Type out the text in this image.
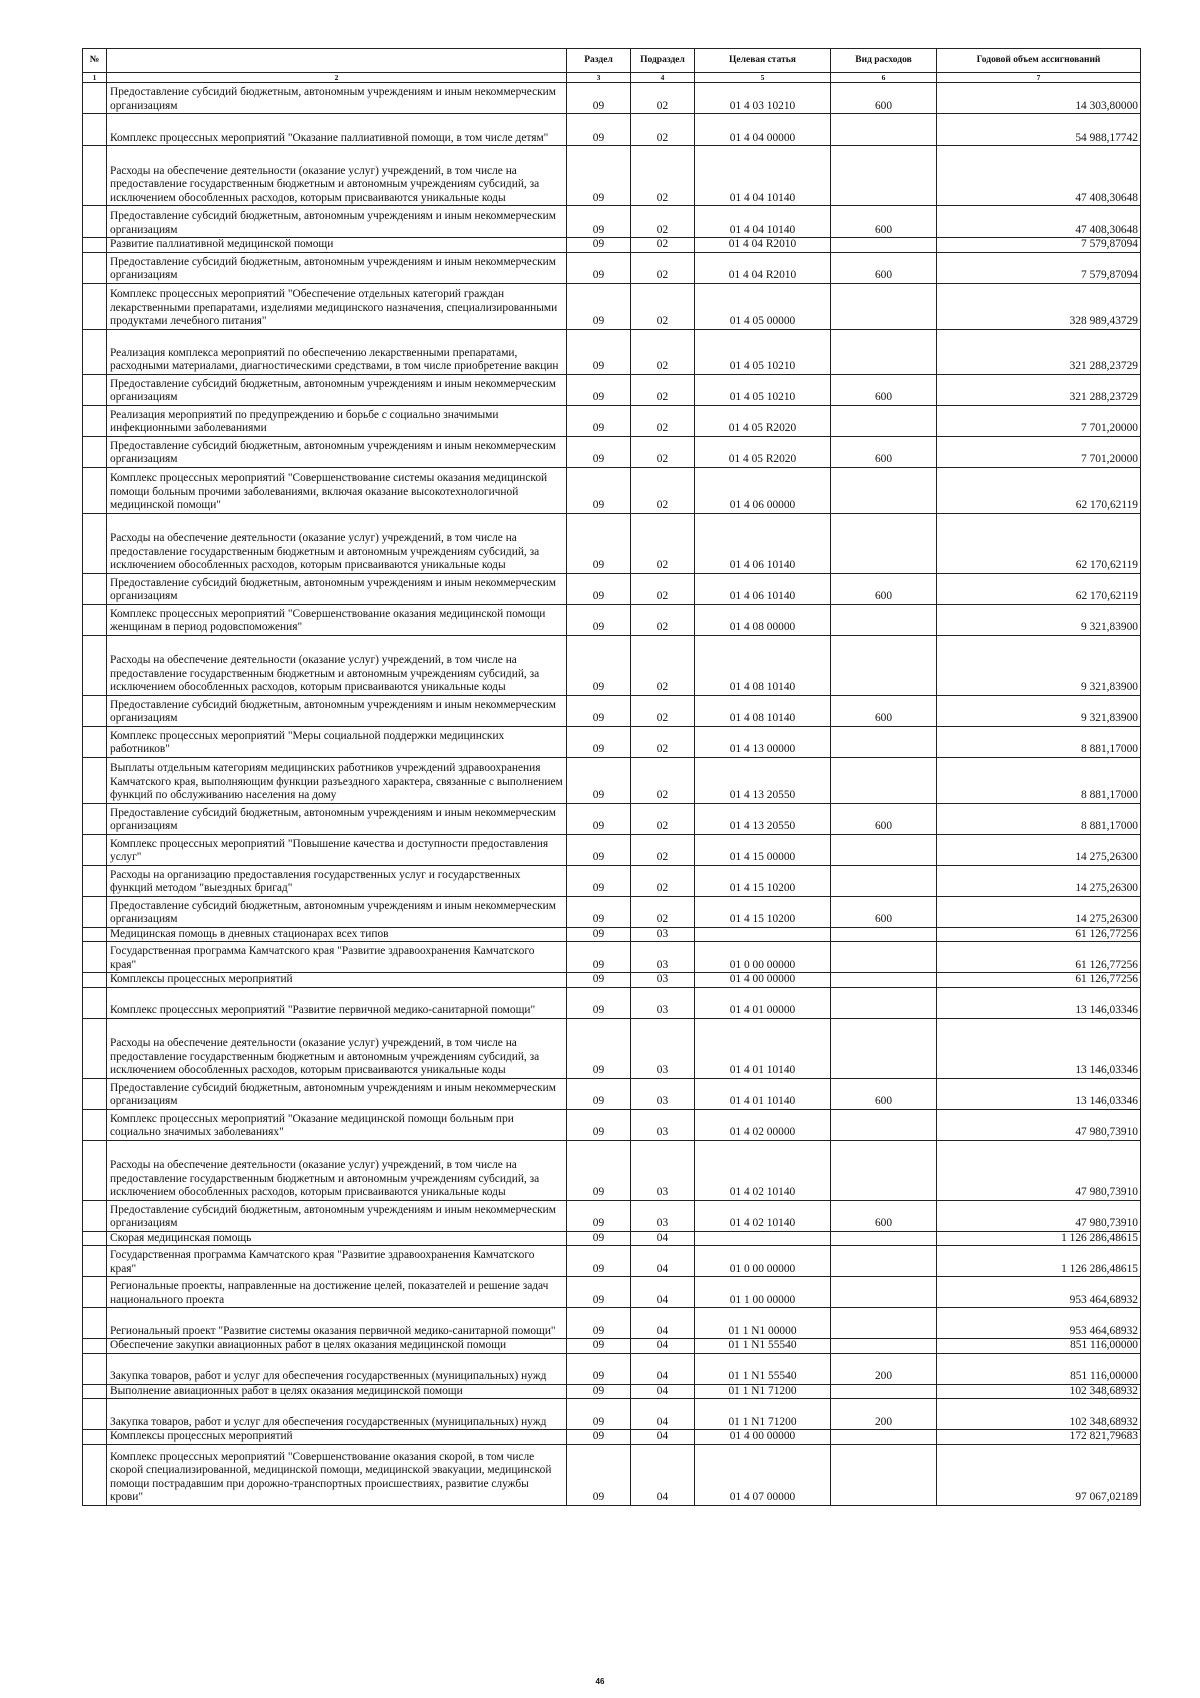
№		Раздел	Подраздел	Целевая статья	Вид расходов	Годовой объем ассигнований
1	2	3	4	5	6	7
	Предоставление субсидий бюджетным, автономным учреждениям и иным некоммерческим организациям	09	02	01 4 03 10210	600	14 303,80000
	Комплекс процессных мероприятий "Оказание паллиативной помощи, в том числе детям"	09	02	01 4 04 00000		54 988,17742
	Расходы на обеспечение деятельности (оказание услуг) учреждений, в том числе на предоставление государственным бюджетным и автономным учреждениям субсидий, за исключением обособленных расходов, которым присваиваются уникальные коды	09	02	01 4 04 10140		47 408,30648
	Предоставление субсидий бюджетным, автономным учреждениям и иным некоммерческим организациям	09	02	01 4 04 10140	600	47 408,30648
	Развитие паллиативной медицинской помощи	09	02	01 4 04 R2010		7 579,87094
	Предоставление субсидий бюджетным, автономным учреждениям и иным некоммерческим организациям	09	02	01 4 04 R2010	600	7 579,87094
	Комплекс процессных мероприятий "Обеспечение отдельных категорий граждан лекарственными препаратами, изделиями медицинского назначения, специализированными продуктами лечебного питания"	09	02	01 4 05 00000		328 989,43729
	Реализация комплекса мероприятий по обеспечению лекарственными препаратами, расходными материалами, диагностическими средствами, в том числе приобретение вакцин	09	02	01 4 05 10210		321 288,23729
	Предоставление субсидий бюджетным, автономным учреждениям и иным некоммерческим организациям	09	02	01 4 05 10210	600	321 288,23729
	Реализация мероприятий по предупреждению и борьбе с социально значимыми инфекционными заболеваниями	09	02	01 4 05 R2020		7 701,20000
	Предоставление субсидий бюджетным, автономным учреждениям и иным некоммерческим организациям	09	02	01 4 05 R2020	600	7 701,20000
	Комплекс процессных мероприятий "Совершенствование системы оказания медицинской помощи больным прочими заболеваниями, включая оказание высокотехнологичной медицинской помощи"	09	02	01 4 06 00000		62 170,62119
	Расходы на обеспечение деятельности (оказание услуг) учреждений, в том числе на предоставление государственным бюджетным и автономным учреждениям субсидий, за исключением обособленных расходов, которым присваиваются уникальные коды	09	02	01 4 06 10140		62 170,62119
	Предоставление субсидий бюджетным, автономным учреждениям и иным некоммерческим организациям	09	02	01 4 06 10140	600	62 170,62119
	Комплекс процессных мероприятий "Совершенствование оказания медицинской помощи женщинам в период родовспоможения"	09	02	01 4 08 00000		9 321,83900
	Расходы на обеспечение деятельности (оказание услуг) учреждений, в том числе на предоставление государственным бюджетным и автономным учреждениям субсидий, за исключением обособленных расходов, которым присваиваются уникальные коды	09	02	01 4 08 10140		9 321,83900
	Предоставление субсидий бюджетным, автономным учреждениям и иным некоммерческим организациям	09	02	01 4 08 10140	600	9 321,83900
	Комплекс процессных мероприятий "Меры социальной поддержки медицинских работников"	09	02	01 4 13 00000		8 881,17000
	Выплаты отдельным категориям медицинских работников учреждений здравоохранения Камчатского края, выполняющим функции разъездного характера, связанные с выполнением функций по обслуживанию населения на дому	09	02	01 4 13 20550		8 881,17000
	Предоставление субсидий бюджетным, автономным учреждениям и иным некоммерческим организациям	09	02	01 4 13 20550	600	8 881,17000
	Комплекс процессных мероприятий "Повышение качества и доступности предоставления услуг"	09	02	01 4 15 00000		14 275,26300
	Расходы на организацию предоставления государственных услуг и государственных функций методом "выездных бригад"	09	02	01 4 15 10200		14 275,26300
	Предоставление субсидий бюджетным, автономным учреждениям и иным некоммерческим организациям	09	02	01 4 15 10200	600	14 275,26300
	Медицинская помощь в дневных стационарах всех типов	09	03			61 126,77256
	Государственная программа Камчатского края "Развитие здравоохранения Камчатского края"	09	03	01 0 00 00000		61 126,77256
	Комплексы процессных мероприятий	09	03	01 4 00 00000		61 126,77256
	Комплекс процессных мероприятий "Развитие первичной медико-санитарной помощи"	09	03	01 4 01 00000		13 146,03346
	Расходы на обеспечение деятельности (оказание услуг) учреждений, в том числе на предоставление государственным бюджетным и автономным учреждениям субсидий, за исключением обособленных расходов, которым присваиваются уникальные коды	09	03	01 4 01 10140		13 146,03346
	Предоставление субсидий бюджетным, автономным учреждениям и иным некоммерческим организациям	09	03	01 4 01 10140	600	13 146,03346
	Комплекс процессных мероприятий "Оказание медицинской помощи больным при социально значимых заболеваниях"	09	03	01 4 02 00000		47 980,73910
	Расходы на обеспечение деятельности (оказание услуг) учреждений, в том числе на предоставление государственным бюджетным и автономным учреждениям субсидий, за исключением обособленных расходов, которым присваиваются уникальные коды	09	03	01 4 02 10140		47 980,73910
	Предоставление субсидий бюджетным, автономным учреждениям и иным некоммерческим организациям	09	03	01 4 02 10140	600	47 980,73910
	Скорая медицинская помощь	09	04			1 126 286,48615
	Государственная программа Камчатского края "Развитие здравоохранения Камчатского края"	09	04	01 0 00 00000		1 126 286,48615
	Региональные проекты, направленные на достижение целей, показателей и решение задач национального проекта	09	04	01 1 00 00000		953 464,68932
	Региональный проект "Развитие системы оказания первичной медико-санитарной помощи"	09	04	01 1 N1 00000		953 464,68932
	Обеспечение закупки авиационных работ в целях оказания медицинской помощи	09	04	01 1 N1 55540		851 116,00000
	Закупка товаров, работ и услуг для обеспечения государственных (муниципальных) нужд	09	04	01 1 N1 55540	200	851 116,00000
	Выполнение авиационных работ в целях оказания медицинской помощи	09	04	01 1 N1 71200		102 348,68932
	Закупка товаров, работ и услуг для обеспечения государственных (муниципальных) нужд	09	04	01 1 N1 71200	200	102 348,68932
	Комплексы процессных мероприятий	09	04	01 4 00 00000		172 821,79683
	Комплекс процессных мероприятий "Совершенствование оказания скорой, в том числе скорой специализированной, медицинской помощи, медицинской эвакуации, медицинской помощи пострадавшим при дорожно-транспортных происшествиях, развитие службы крови"	09	04	01 4 07 00000		97 067,02189
46
